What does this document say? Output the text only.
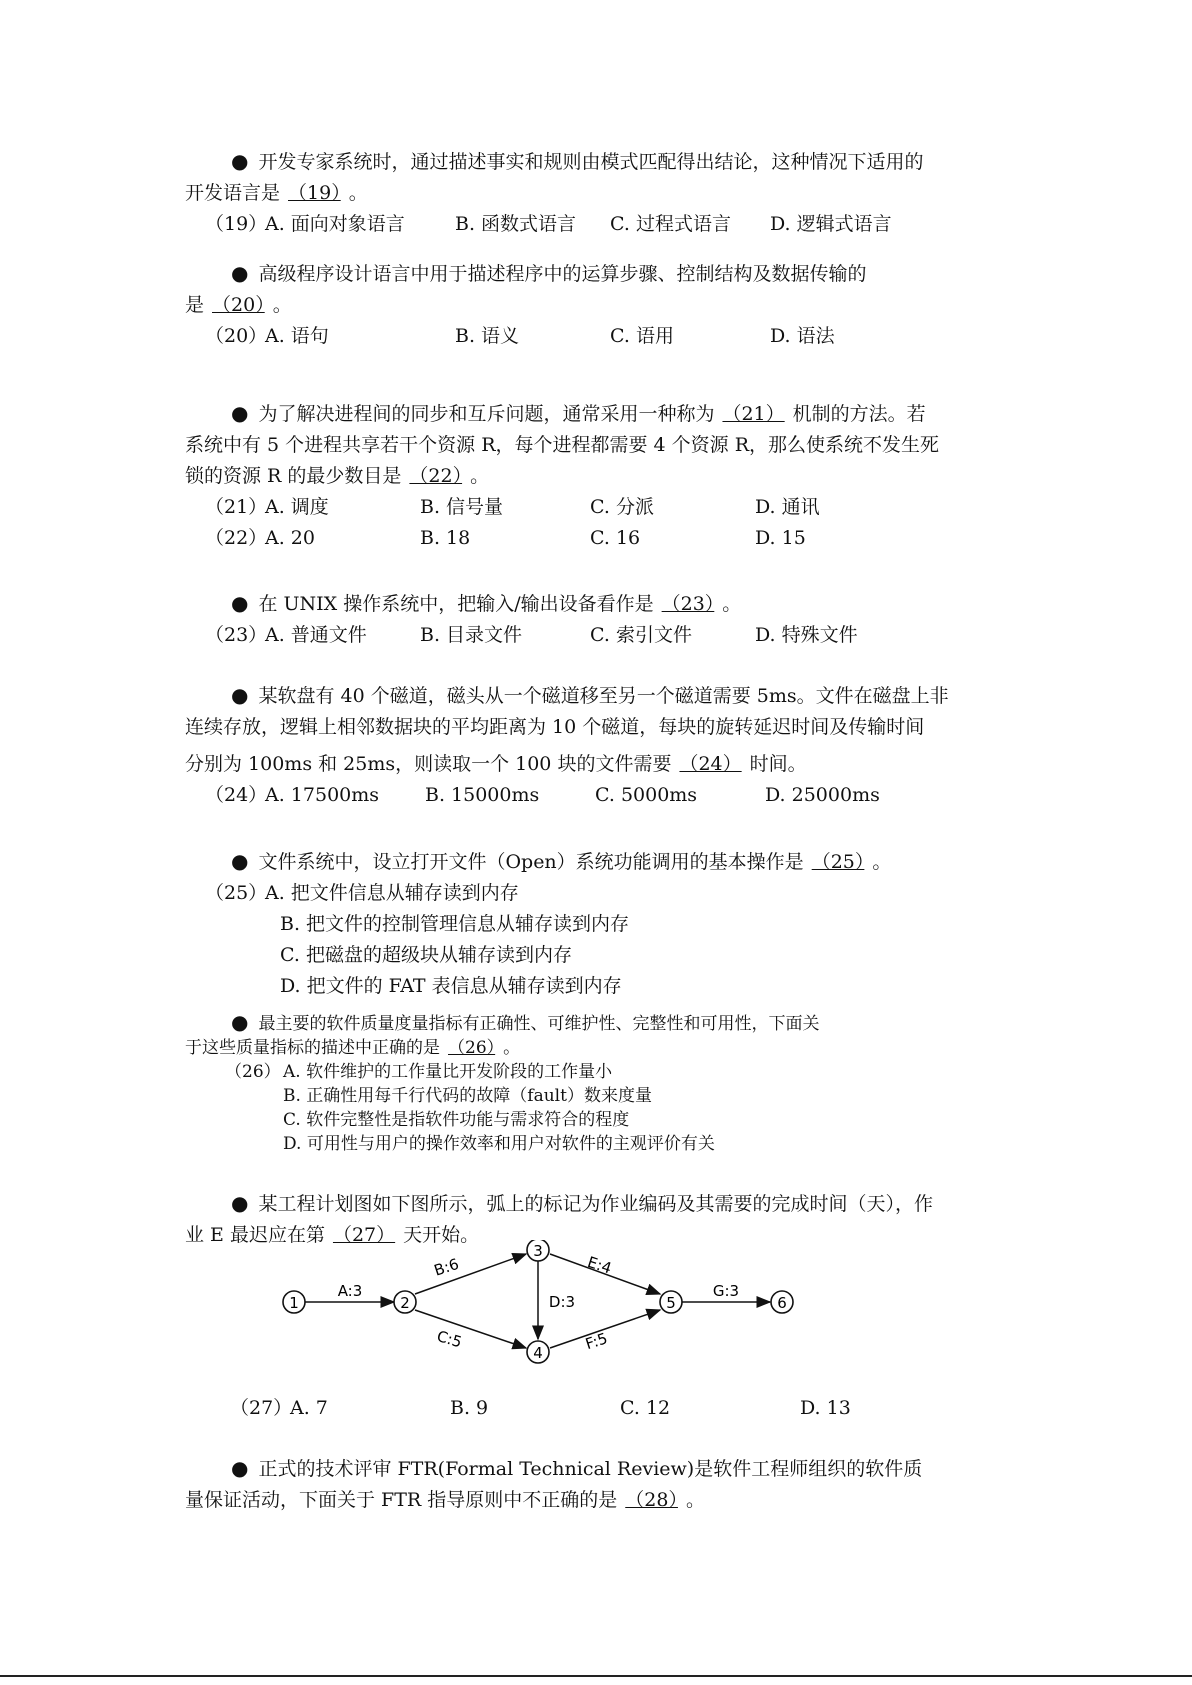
● 开发专家系统时，通过描述事实和规则由模式匹配得出结论，这种情况下适用的
开发语言是 （19） 。
（19）
A. 面向对象语言	B. 函数式语言	C. 过程式语言	D. 逻辑式语言
● 高级程序设计语言中用于描述程序中的运算步骤、控制结构及数据传输的
是 （20） 。
（20）
A. 语句	B. 语义	C. 语用	D. 语法
● 为了解决进程间的同步和互斥问题，通常采用一种称为 （21） 机制的方法。若
系统中有 5 个进程共享若干个资源 R，每个进程都需要 4 个资源 R，那么使系统不发生死
锁的资源 R 的最少数目是 （22） 。
（21）
A. 调度	B. 信号量	C. 分派	D. 通讯
（22）
A. 20	B. 18	C. 16	D. 15
● 在 UNIX 操作系统中，把输入/输出设备看作是 （23） 。
（23）
A. 普通文件	B. 目录文件	C. 索引文件	D. 特殊文件
● 某软盘有 40 个磁道，磁头从一个磁道移至另一个磁道需要 5ms。文件在磁盘上非
连续存放，逻辑上相邻数据块的平均距离为 10 个磁道，每块的旋转延迟时间及传输时间
分别为 100ms 和 25ms，则读取一个 100 块的文件需要 （24） 时间。
（24）
A. 17500ms	B. 15000ms	C. 5000ms	D. 25000ms
● 文件系统中，设立打开文件（Open）系统功能调用的基本操作是 （25） 。
（25）A. 把文件信息从辅存读到内存
B. 把文件的控制管理信息从辅存读到内存
C. 把磁盘的超级块从辅存读到内存
D. 把文件的 FAT 表信息从辅存读到内存
● 最主要的软件质量度量指标有正确性、可维护性、完整性和可用性，下面关
于这些质量指标的描述中正确的是 （26） 。
（26） A. 软件维护的工作量比开发阶段的工作量小
B. 正确性用每千行代码的故障（fault）数来度量
C. 软件完整性是指软件功能与需求符合的程度
D. 可用性与用户的操作效率和用户对软件的主观评价有关
● 某工程计划图如下图所示，弧上的标记为作业编码及其需要的完成时间（天），作
业 E 最迟应在第 （27） 天开始。
1	2
3
4
5	6
A:3
B:6
C:5
D:3
E:4
F:5
G:3
（27）
A. 7	B. 9	C. 12	D. 13
● 正式的技术评审 FTR(Formal Technical Review)是软件工程师组织的软件质
量保证活动，下面关于 FTR 指导原则中不正确的是 （28） 。
